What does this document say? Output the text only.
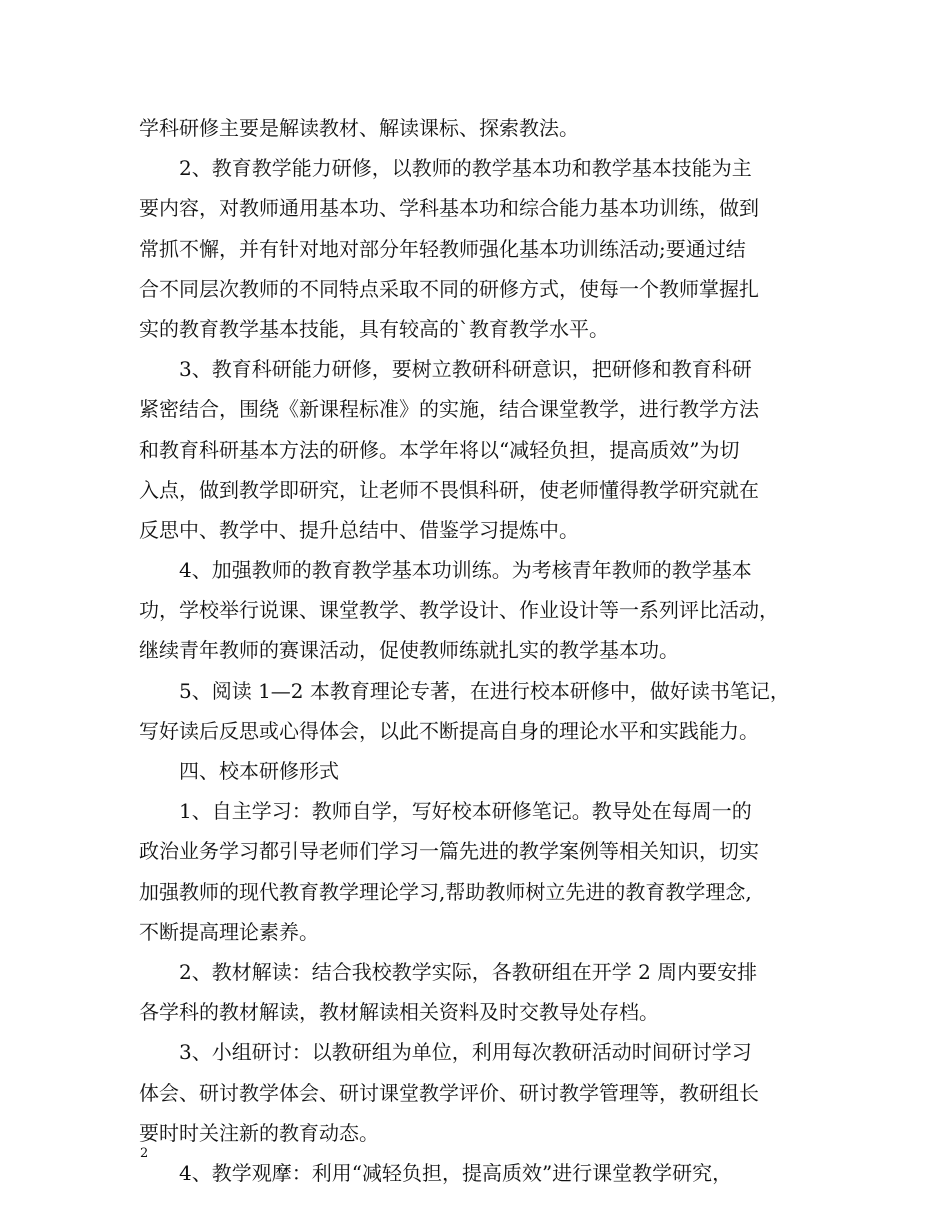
学科研修主要是解读教材、解读课标、探索教法。
2、教育教学能力研修，以教师的教学基本功和教学基本技能为主
要内容，对教师通用基本功、学科基本功和综合能力基本功训练，做到
常抓不懈，并有针对地对部分年轻教师强化基本功训练活动;要通过结
合不同层次教师的不同特点采取不同的研修方式，使每一个教师掌握扎
实的教育教学基本技能，具有较高的`教育教学水平。
3、教育科研能力研修，要树立教研科研意识，把研修和教育科研
紧密结合，围绕《新课程标准》的实施，结合课堂教学，进行教学方法
和教育科研基本方法的研修。本学年将以“减轻负担，提高质效”为切
入点，做到教学即研究，让老师不畏惧科研，使老师懂得教学研究就在
反思中、教学中、提升总结中、借鉴学习提炼中。
4、加强教师的教育教学基本功训练。为考核青年教师的教学基本
功，学校举行说课、课堂教学、教学设计、作业设计等一系列评比活动，
继续青年教师的赛课活动，促使教师练就扎实的教学基本功。
5、阅读 1—2 本教育理论专著，在进行校本研修中，做好读书笔记，
写好读后反思或心得体会，以此不断提高自身的理论水平和实践能力。
四、校本研修形式
1、自主学习：教师自学，写好校本研修笔记。教导处在每周一的
政治业务学习都引导老师们学习一篇先进的教学案例等相关知识，切实
加强教师的现代教育教学理论学习,帮助教师树立先进的教育教学理念,
不断提高理论素养。
2、教材解读：结合我校教学实际，各教研组在开学 2 周内要安排
各学科的教材解读，教材解读相关资料及时交教导处存档。
3、小组研讨：以教研组为单位，利用每次教研活动时间研讨学习
体会、研讨教学体会、研讨课堂教学评价、研讨教学管理等，教研组长
要时时关注新的教育动态。
4、教学观摩：利用“减轻负担，提高质效”进行课堂教学研究，
2
